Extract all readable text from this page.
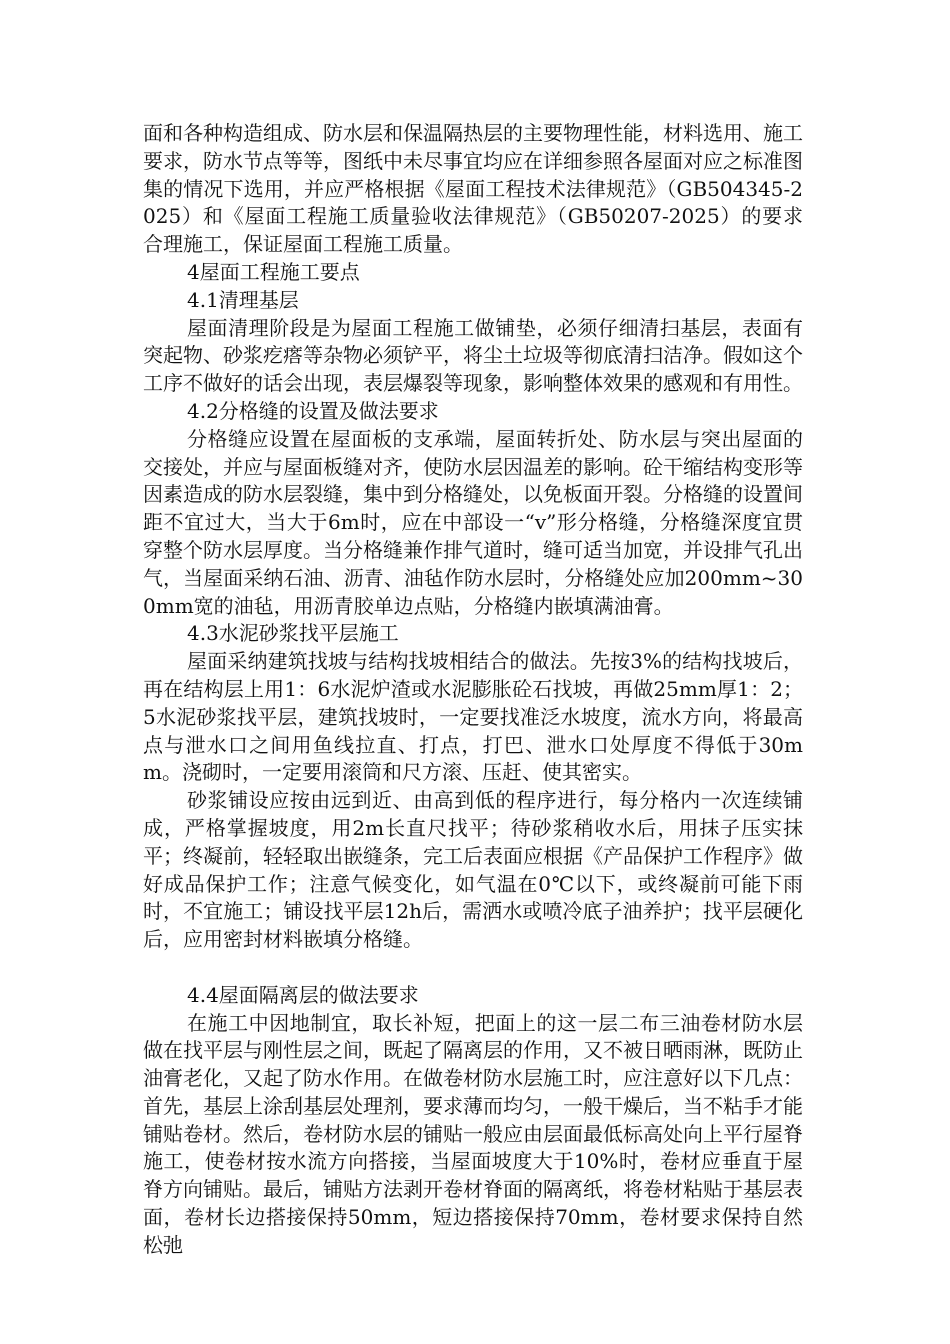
面和各种构造组成、防水层和保温隔热层的主要物理性能，材料选用、施工要求，防水节点等等，图纸中未尽事宜均应在详细参照各屋面对应之标准图集的情况下选用，并应严格根据《屋面工程技术法律规范》（GB504345-2025）和《屋面工程施工质量验收法律规范》（GB50207-2025）的要求合理施工，保证屋面工程施工质量。

4屋面工程施工要点

4.1清理基层

屋面清理阶段是为屋面工程施工做铺垫，必须仔细清扫基层，表面有突起物、砂浆疙瘩等杂物必须铲平，将尘土垃圾等彻底清扫洁净。假如这个工序不做好的话会出现，表层爆裂等现象，影响整体效果的感观和有用性。

4.2分格缝的设置及做法要求

分格缝应设置在屋面板的支承端，屋面转折处、防水层与突出屋面的交接处，并应与屋面板缝对齐，使防水层因温差的影响。砼干缩结构变形等因素造成的防水层裂缝，集中到分格缝处，以免板面开裂。分格缝的设置间距不宜过大，当大于6m时，应在中部设一“v”形分格缝，分格缝深度宜贯穿整个防水层厚度。当分格缝兼作排气道时，缝可适当加宽，并设排气孔出气，当屋面采纳石油、沥青、油毡作防水层时，分格缝处应加200mm~300mm宽的油毡，用沥青胶单边点贴，分格缝内嵌填满油膏。

4.3水泥砂浆找平层施工

屋面采纳建筑找坡与结构找坡相结合的做法。先按3%的结构找坡后，再在结构层上用1：6水泥炉渣或水泥膨胀砼石找坡，再做25mm厚1：2；5水泥砂浆找平层，建筑找坡时，一定要找准泛水坡度，流水方向，将最高点与泄水口之间用鱼线拉直、打点，打巴、泄水口处厚度不得低于30mm。浇砌时，一定要用滚筒和尺方滚、压赶、使其密实。

砂浆铺设应按由远到近、由高到低的程序进行，每分格内一次连续铺成，严格掌握坡度，用2m长直尺找平；待砂浆稍收水后，用抹子压实抹平；终凝前，轻轻取出嵌缝条，完工后表面应根据《产品保护工作程序》做好成品保护工作；注意气候变化，如气温在0℃以下，或终凝前可能下雨时，不宜施工；铺设找平层12h后，需洒水或喷冷底子油养护；找平层硬化后，应用密封材料嵌填分格缝。

4.4屋面隔离层的做法要求

在施工中因地制宜，取长补短，把面上的这一层二布三油卷材防水层做在找平层与刚性层之间，既起了隔离层的作用，又不被日晒雨淋，既防止油膏老化，又起了防水作用。在做卷材防水层施工时，应注意好以下几点：首先，基层上涂刮基层处理剂，要求薄而均匀，一般干燥后，当不粘手才能铺贴卷材。然后，卷材防水层的铺贴一般应由层面最低标高处向上平行屋脊施工，使卷材按水流方向搭接，当屋面坡度大于10%时，卷材应垂直于屋脊方向铺贴。最后，铺贴方法剥开卷材脊面的隔离纸，将卷材粘贴于基层表面，卷材长边搭接保持50mm，短边搭接保持70mm，卷材要求保持自然松弛
